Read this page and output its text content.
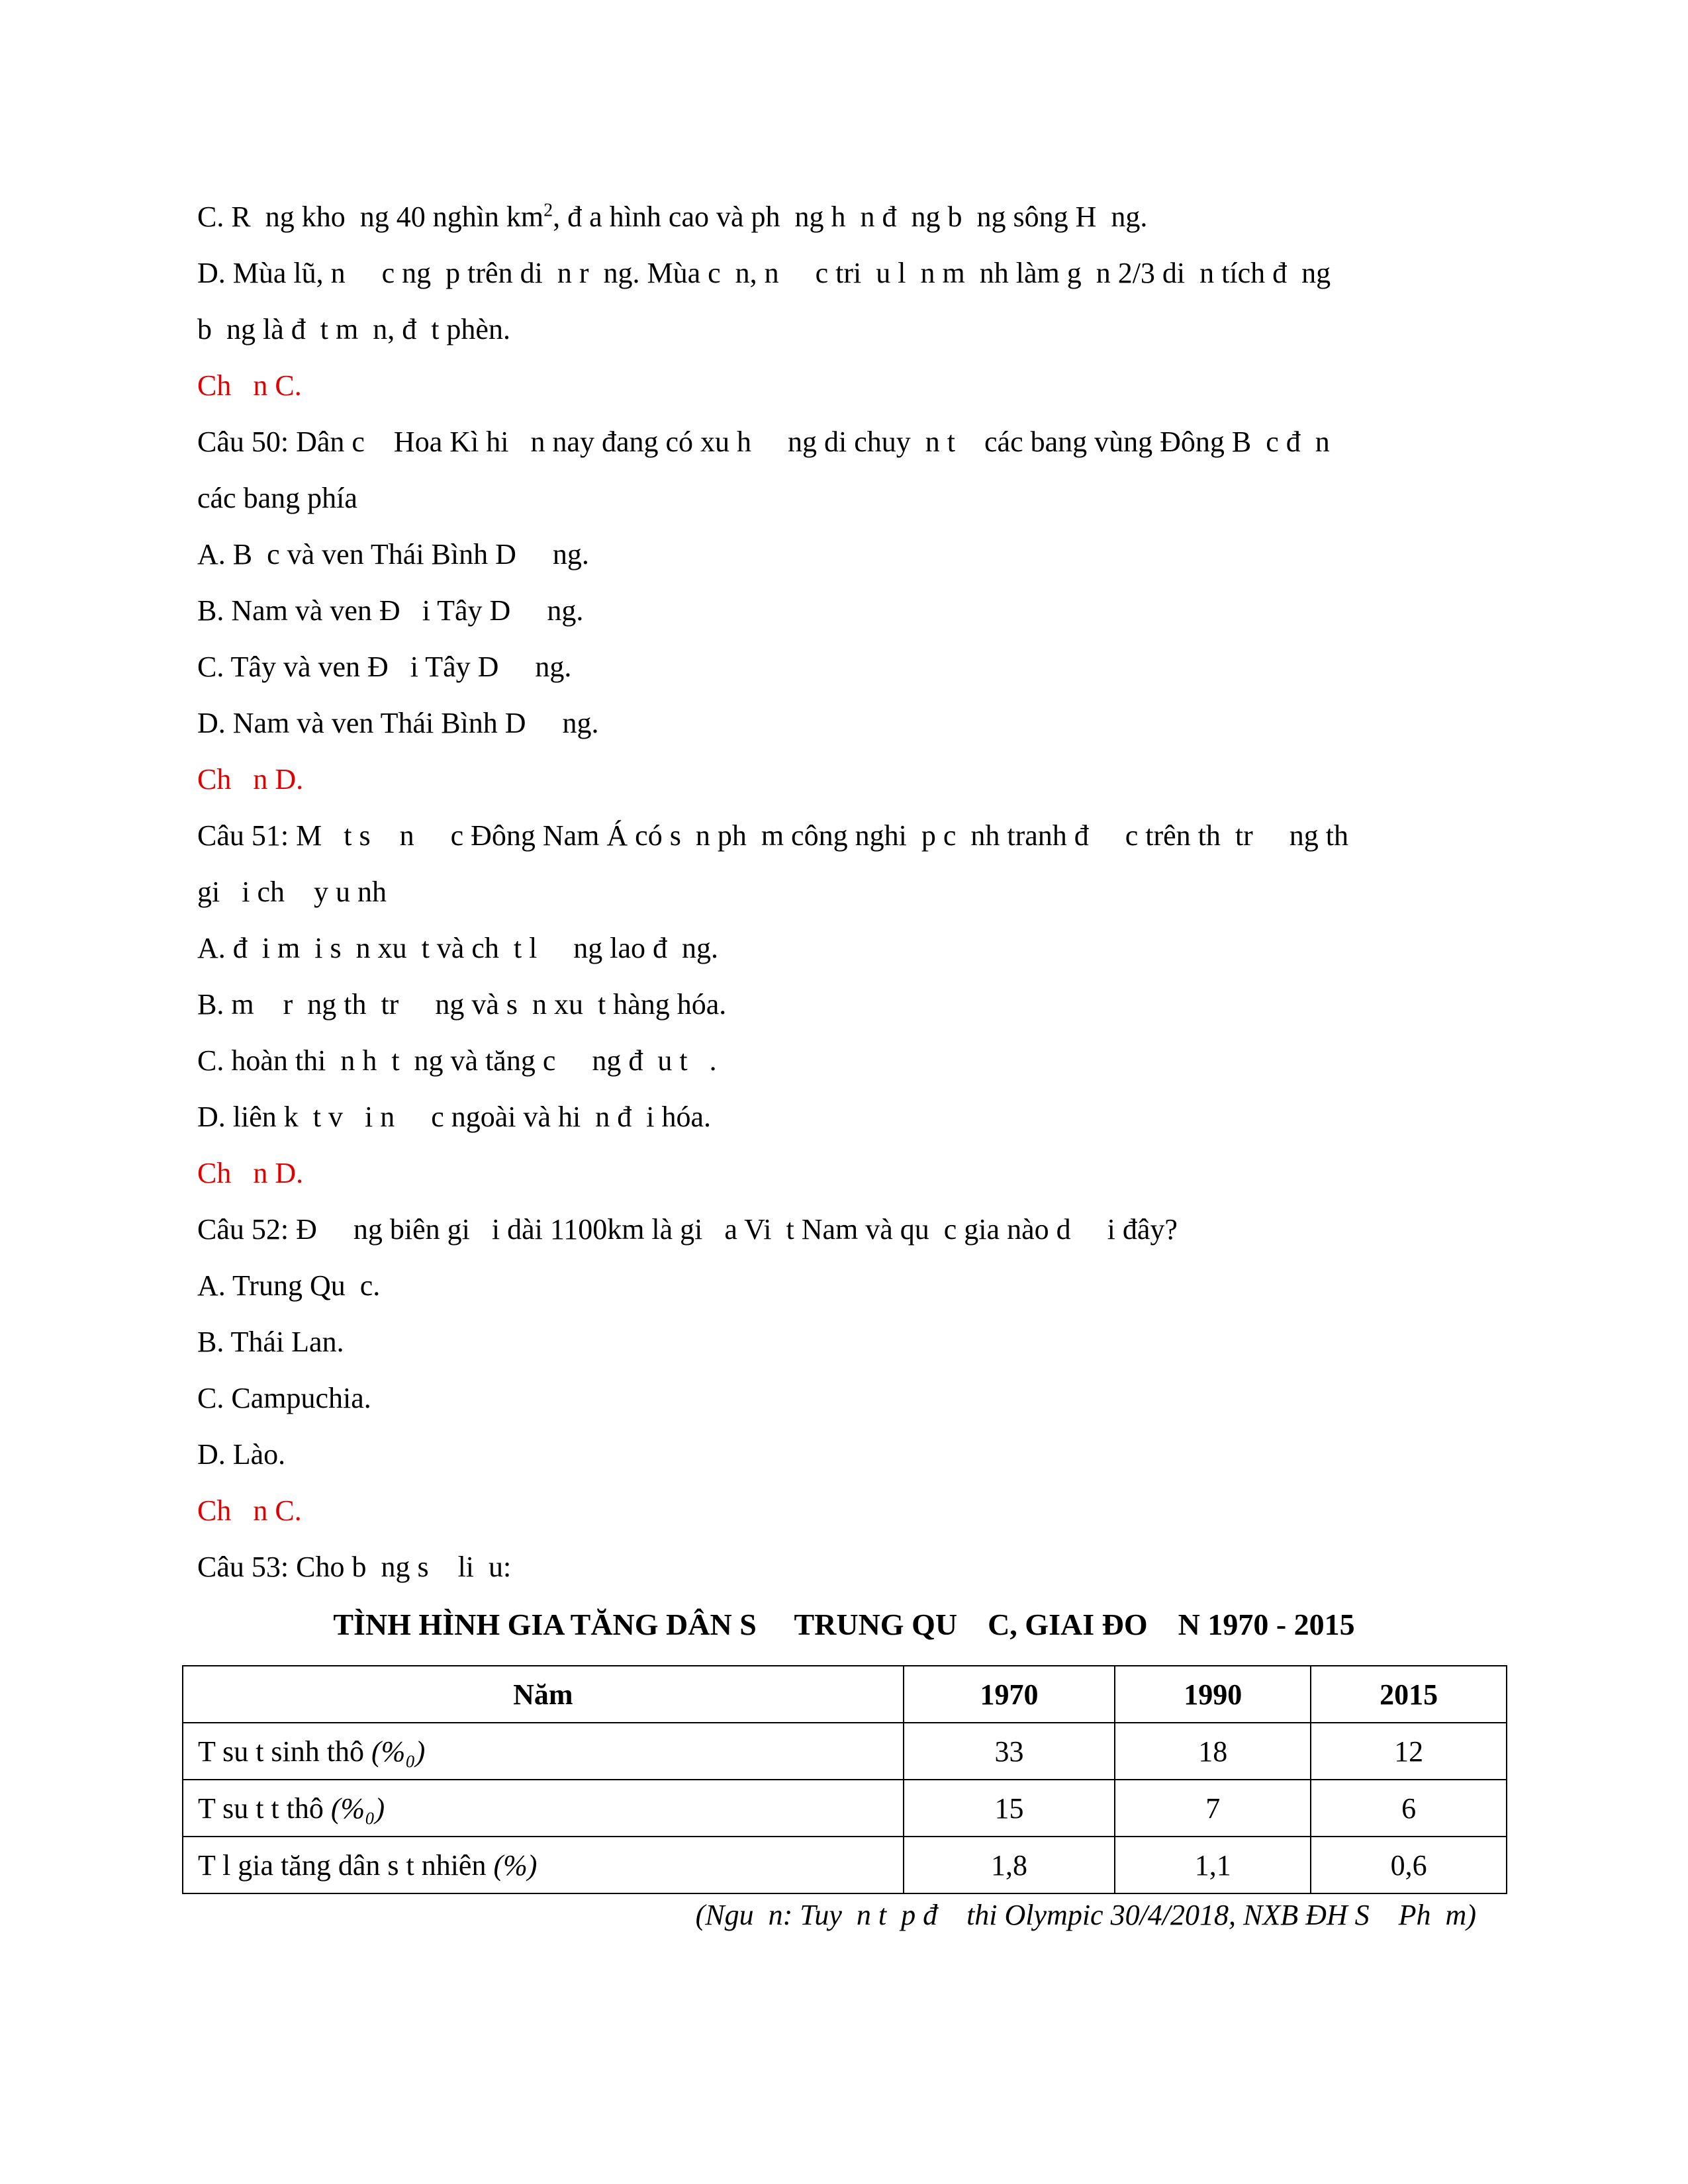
C. R  ng kho  ng 40 nghìn $km^2$, đ a hình cao và ph  ng h  n đ  ng b  ng sông H  ng.
D. Mùa lũ, n     c ng  p trên di  n r  ng. Mùa c  n, n     c tri  u l  n m  nh làm g  n 2/3 di  n tích đ  ng
b  ng là đ  t m  n, đ  t phèn.
Ch   n C.
Câu 50: Dân c    Hoa Kì hi   n nay đang có xu h     ng di chuy  n t    các bang vùng Đông B  c đ  n
các bang phía
A. B  c và ven Thái Bình D     ng.
B. Nam và ven Đ   i Tây D     ng.
C. Tây và ven Đ   i Tây D     ng.
D. Nam và ven Thái Bình D     ng.
Ch   n D.
Câu 51: M   t s    n     c Đông Nam Á có s  n ph  m công nghi  p c  nh tranh đ     c trên th  tr     ng th
gi   i ch    y u nh
A. đ  i m  i s  n xu  t và ch  t l     ng lao đ  ng.
B. m    r  ng th  tr     ng và s  n xu  t hàng hóa.
C. hoàn thi  n h  t  ng và tăng c     ng đ  u t   .
D. liên k  t v   i n     c ngoài và hi  n đ  i hóa.
Ch   n D.
Câu 52: Đ     ng biên gi   i dài 1100km là gi   a Vi  t Nam và qu  c gia nào d     i đây?
A. Trung Qu  c.
B. Thái Lan.
C. Campuchia.
D. Lào.
Ch   n C.
Câu 53: Cho b  ng s    li  u:
TÌNH HÌNH GIA TĂNG DÂN S     TRUNG QU    C, GIAI ĐO    N 1970 - 2015
Năm	1970	1990	2015
T su t sinh thô (%₀)	33	18	12
T su t t thô (%₀)	15	7	6
T l gia tăng dân s t nhiên (%)	1,8	1,1	0,6
(Ngu  n: Tuy  n t  p đ    thi Olympic 30/4/2018, NXB ĐH S    Ph  m)
